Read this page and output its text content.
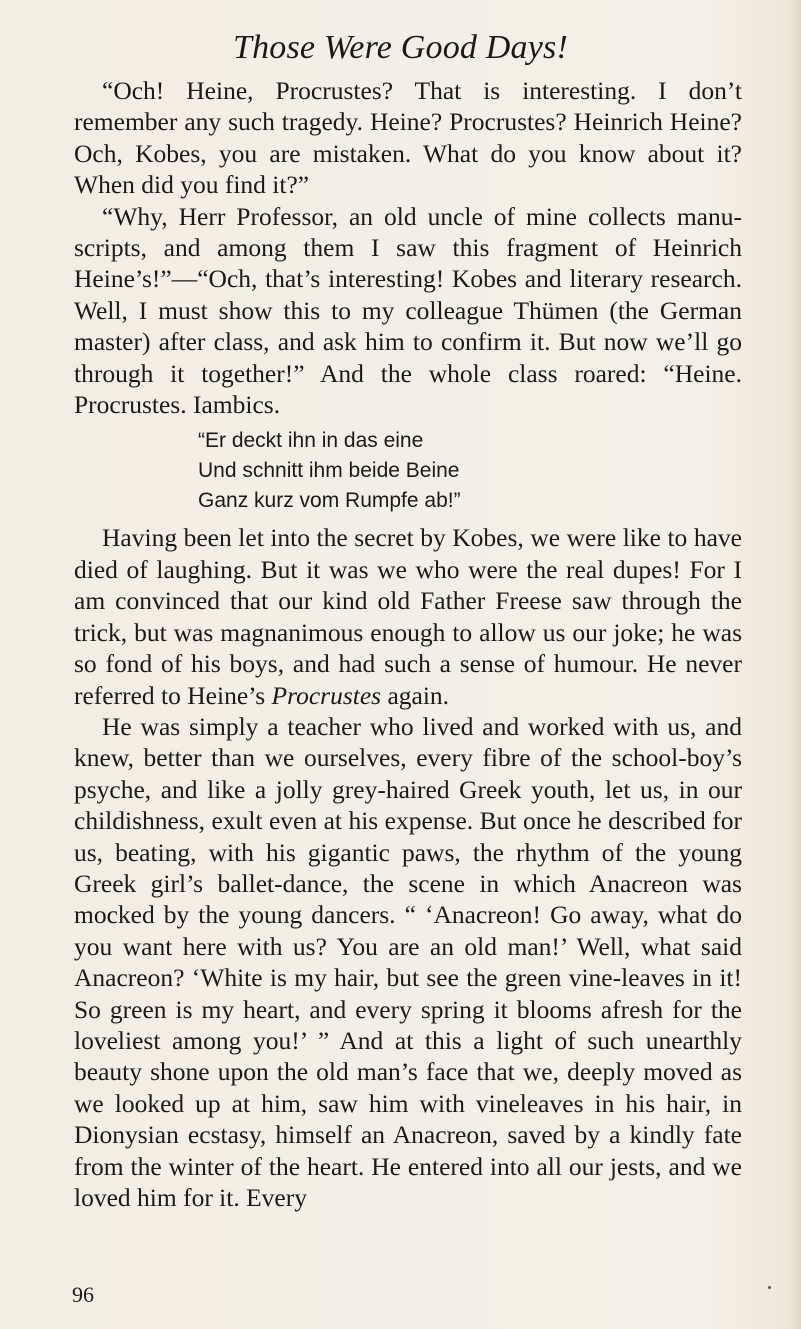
Those Were Good Days!

“Och! Heine, Procrustes? That is interesting. I don’t remember any such tragedy. Heine? Procrustes? Heinrich Heine? Och, Kobes, you are mistaken. What do you know about it? When did you find it?”

“Why, Herr Professor, an old uncle of mine collects manu-scripts, and among them I saw this fragment of Heinrich Heine’s!”—“Och, that’s interesting! Kobes and literary research. Well, I must show this to my colleague Thümen (the German master) after class, and ask him to confirm it. But now we’ll go through it together!” And the whole class roared: “Heine. Procrustes. Iambics.

“Er deckt ihn in das eine
Und schnitt ihm beide Beine
Ganz kurz vom Rumpfe ab!”

Having been let into the secret by Kobes, we were like to have died of laughing. But it was we who were the real dupes! For I am convinced that our kind old Father Freese saw through the trick, but was magnanimous enough to allow us our joke; he was so fond of his boys, and had such a sense of humour. He never referred to Heine’s Procrustes again.

He was simply a teacher who lived and worked with us, and knew, better than we ourselves, every fibre of the school-boy’s psyche, and like a jolly grey-haired Greek youth, let us, in our childishness, exult even at his expense. But once he described for us, beating, with his gigantic paws, the rhythm of the young Greek girl’s ballet-dance, the scene in which Anacreon was mocked by the young dancers. “ ‘Anacreon! Go away, what do you want here with us? You are an old man!’ Well, what said Anacreon? ‘White is my hair, but see the green vine-leaves in it! So green is my heart, and every spring it blooms afresh for the loveliest among you!’ ” And at this a light of such unearthly beauty shone upon the old man’s face that we, deeply moved as we looked up at him, saw him with vineleaves in his hair, in Dionysian ecstasy, himself an Anacreon, saved by a kindly fate from the winter of the heart. He entered into all our jests, and we loved him for it. Every

96
